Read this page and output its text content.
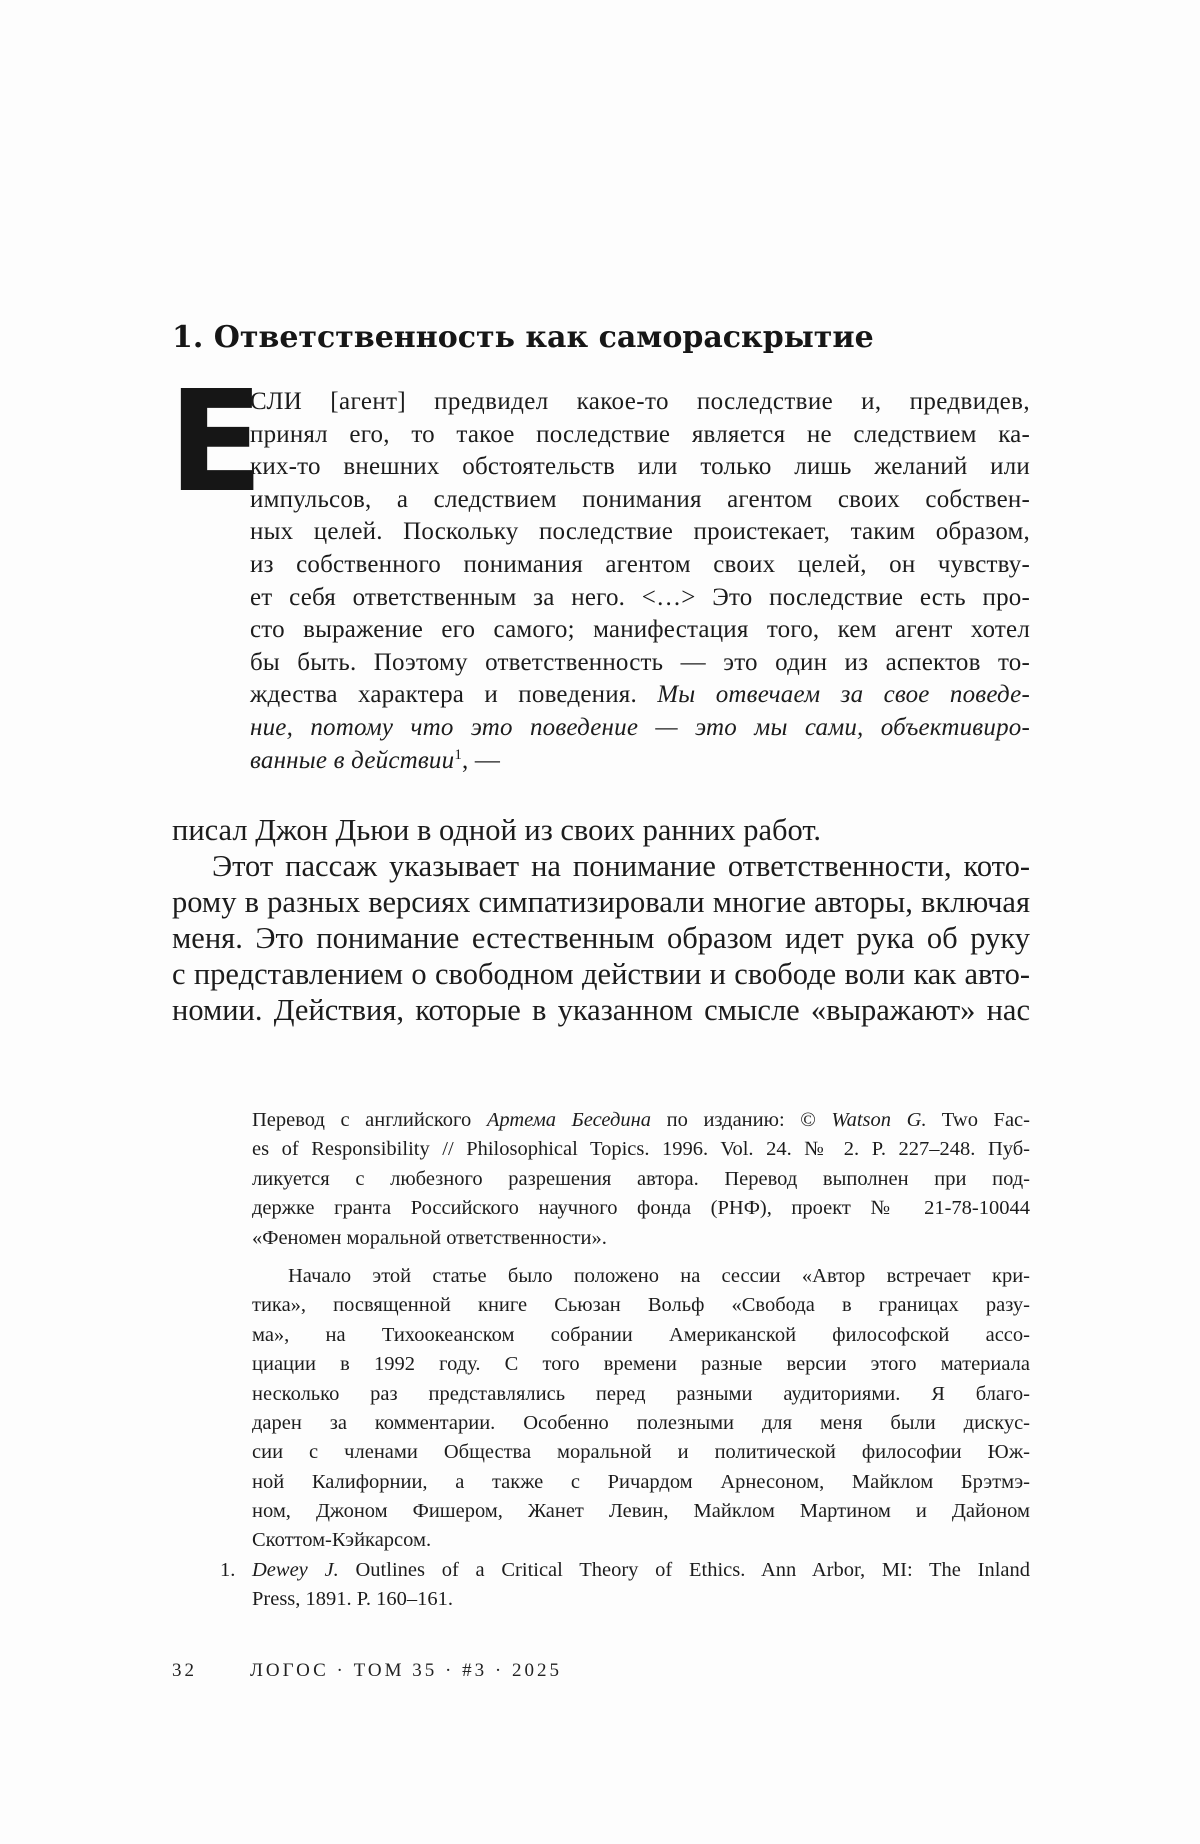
1. Ответственность как самораскрытие
Е
СЛИ [агент] предвидел какое-то последствие и, предвидев,
принял его, то такое последствие является не следствием ка-
ких-то внешних обстоятельств или только лишь желаний или
импульсов, а следствием понимания агентом своих собствен-
ных целей. Поскольку последствие проистекает, таким образом,
из собственного понимания агентом своих целей, он чувству-
ет себя ответственным за него. <…> Это последствие есть про-
сто выражение его самого; манифестация того, кем агент хотел
бы быть. Поэтому ответственность — это один из аспектов то-
ждества характера и поведения. Мы отвечаем за свое поведе-
ние, потому что это поведение — это мы сами, объективиро-
ванные в действии$^1$, —
писал Джон Дьюи в одной из своих ранних работ.
Этот пассаж указывает на понимание ответственности, кото-
рому в разных версиях симпатизировали многие авторы, включая
меня. Это понимание естественным образом идет рука об руку
с представлением о свободном действии и свободе воли как авто-
номии. Действия, которые в указанном смысле «выражают» нас
Перевод с английского Артема Беседина по изданию: © Watson G. Two Fac-
es of Responsibility // Philosophical Topics. 1996. Vol. 24. № 2. P. 227–248. Пуб-
ликуется с любезного разрешения автора. Перевод выполнен при под-
держке гранта Российского научного фонда (РНФ), проект № 21-78-10044
«Феномен моральной ответственности».
Начало этой статье было положено на сессии «Автор встречает кри-
тика», посвященной книге Сьюзан Вольф «Свобода в границах разу-
ма», на Тихоокеанском собрании Американской философской ассо-
циации в 1992 году. С того времени разные версии этого материала
несколько раз представлялись перед разными аудиториями. Я благо-
дарен за комментарии. Особенно полезными для меня были дискус-
сии с членами Общества моральной и политической философии Юж-
ной Калифорнии, а также с Ричардом Арнесоном, Майклом Брэтмэ-
ном, Джоном Фишером, Жанет Левин, Майклом Мартином и Дайоном
Скоттом-Кэйкарсом.
1. Dewey J. Outlines of a Critical Theory of Ethics. Ann Arbor, MI: The Inland
Press, 1891. P. 160–161.
32	ЛОГОС · ТОМ 35 · #3 · 2025
